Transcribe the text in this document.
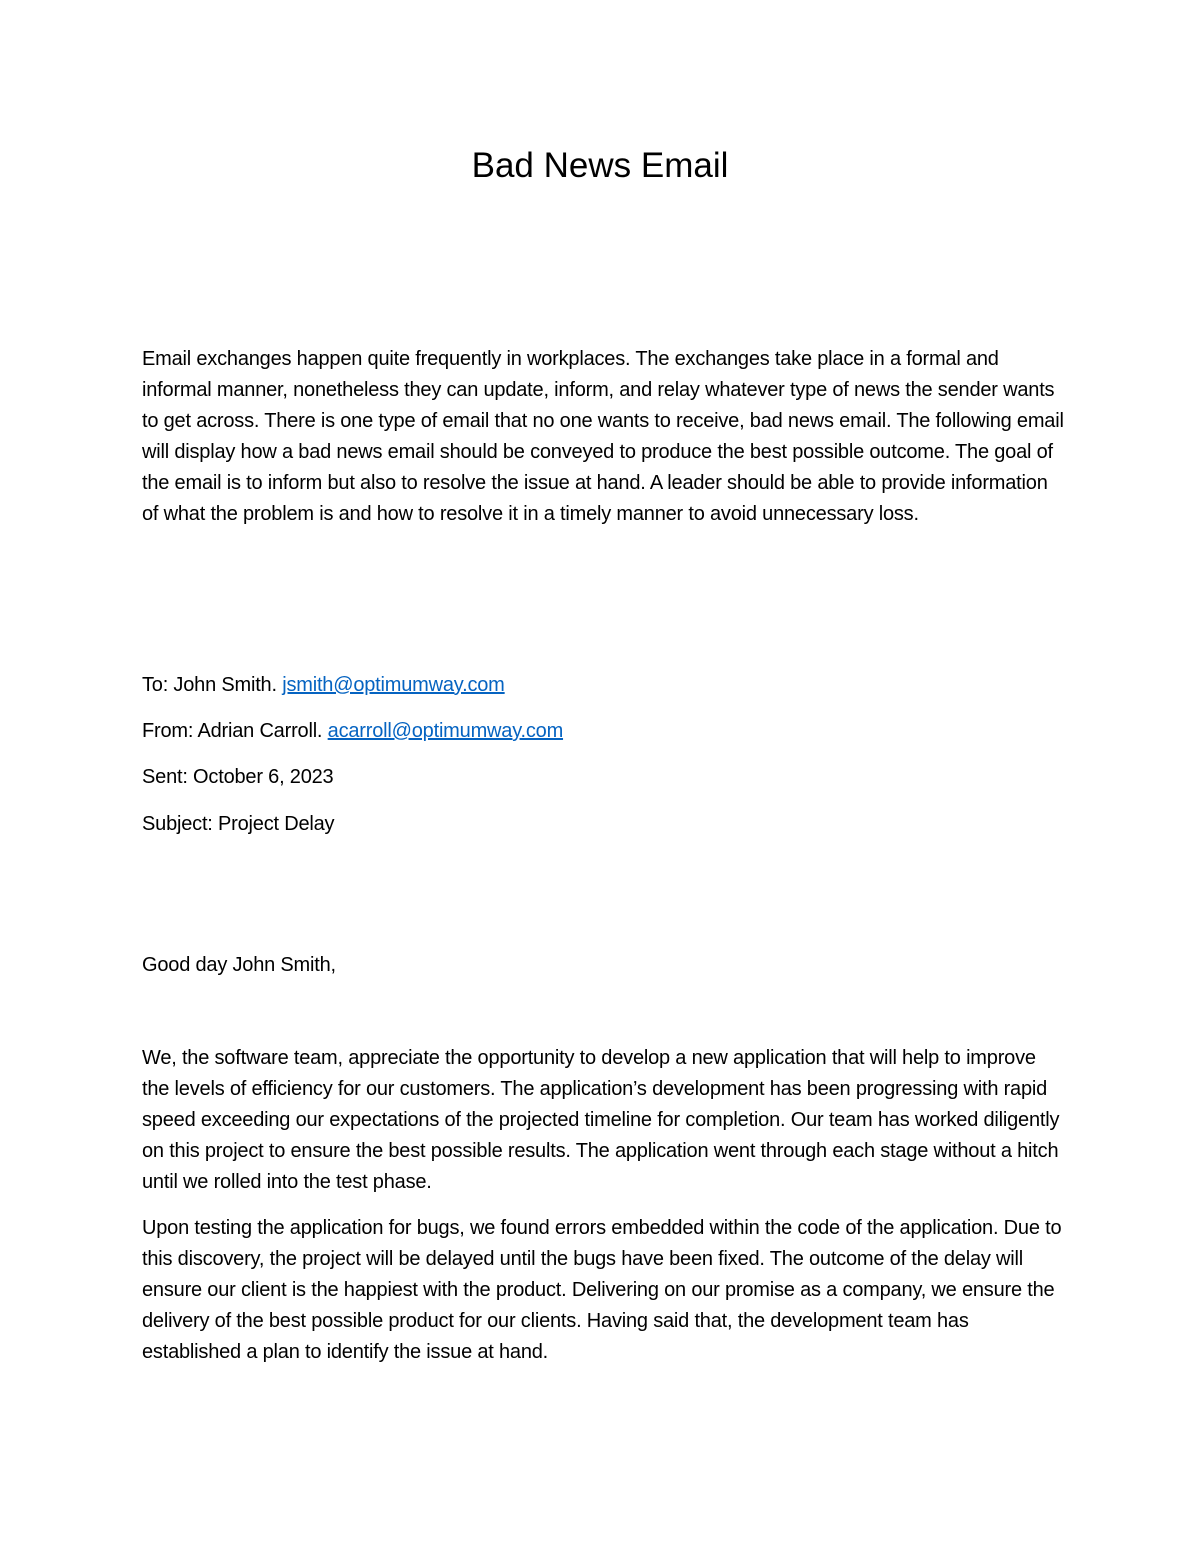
Bad News Email

Email exchanges happen quite frequently in workplaces. The exchanges take place in a formal and informal manner, nonetheless they can update, inform, and relay whatever type of news the sender wants to get across. There is one type of email that no one wants to receive, bad news email. The following email will display how a bad news email should be conveyed to produce the best possible outcome. The goal of the email is to inform but also to resolve the issue at hand. A leader should be able to provide information of what the problem is and how to resolve it in a timely manner to avoid unnecessary loss.

To: John Smith. jsmith@optimumway.com

From: Adrian Carroll. acarroll@optimumway.com

Sent: October 6, 2023

Subject: Project Delay

Good day John Smith,

We, the software team, appreciate the opportunity to develop a new application that will help to improve the levels of efficiency for our customers. The application’s development has been progressing with rapid speed exceeding our expectations of the projected timeline for completion. Our team has worked diligently on this project to ensure the best possible results. The application went through each stage without a hitch until we rolled into the test phase.

Upon testing the application for bugs, we found errors embedded within the code of the application. Due to this discovery, the project will be delayed until the bugs have been fixed. The outcome of the delay will ensure our client is the happiest with the product. Delivering on our promise as a company, we ensure the delivery of the best possible product for our clients. Having said that, the development team has established a plan to identify the issue at hand.
